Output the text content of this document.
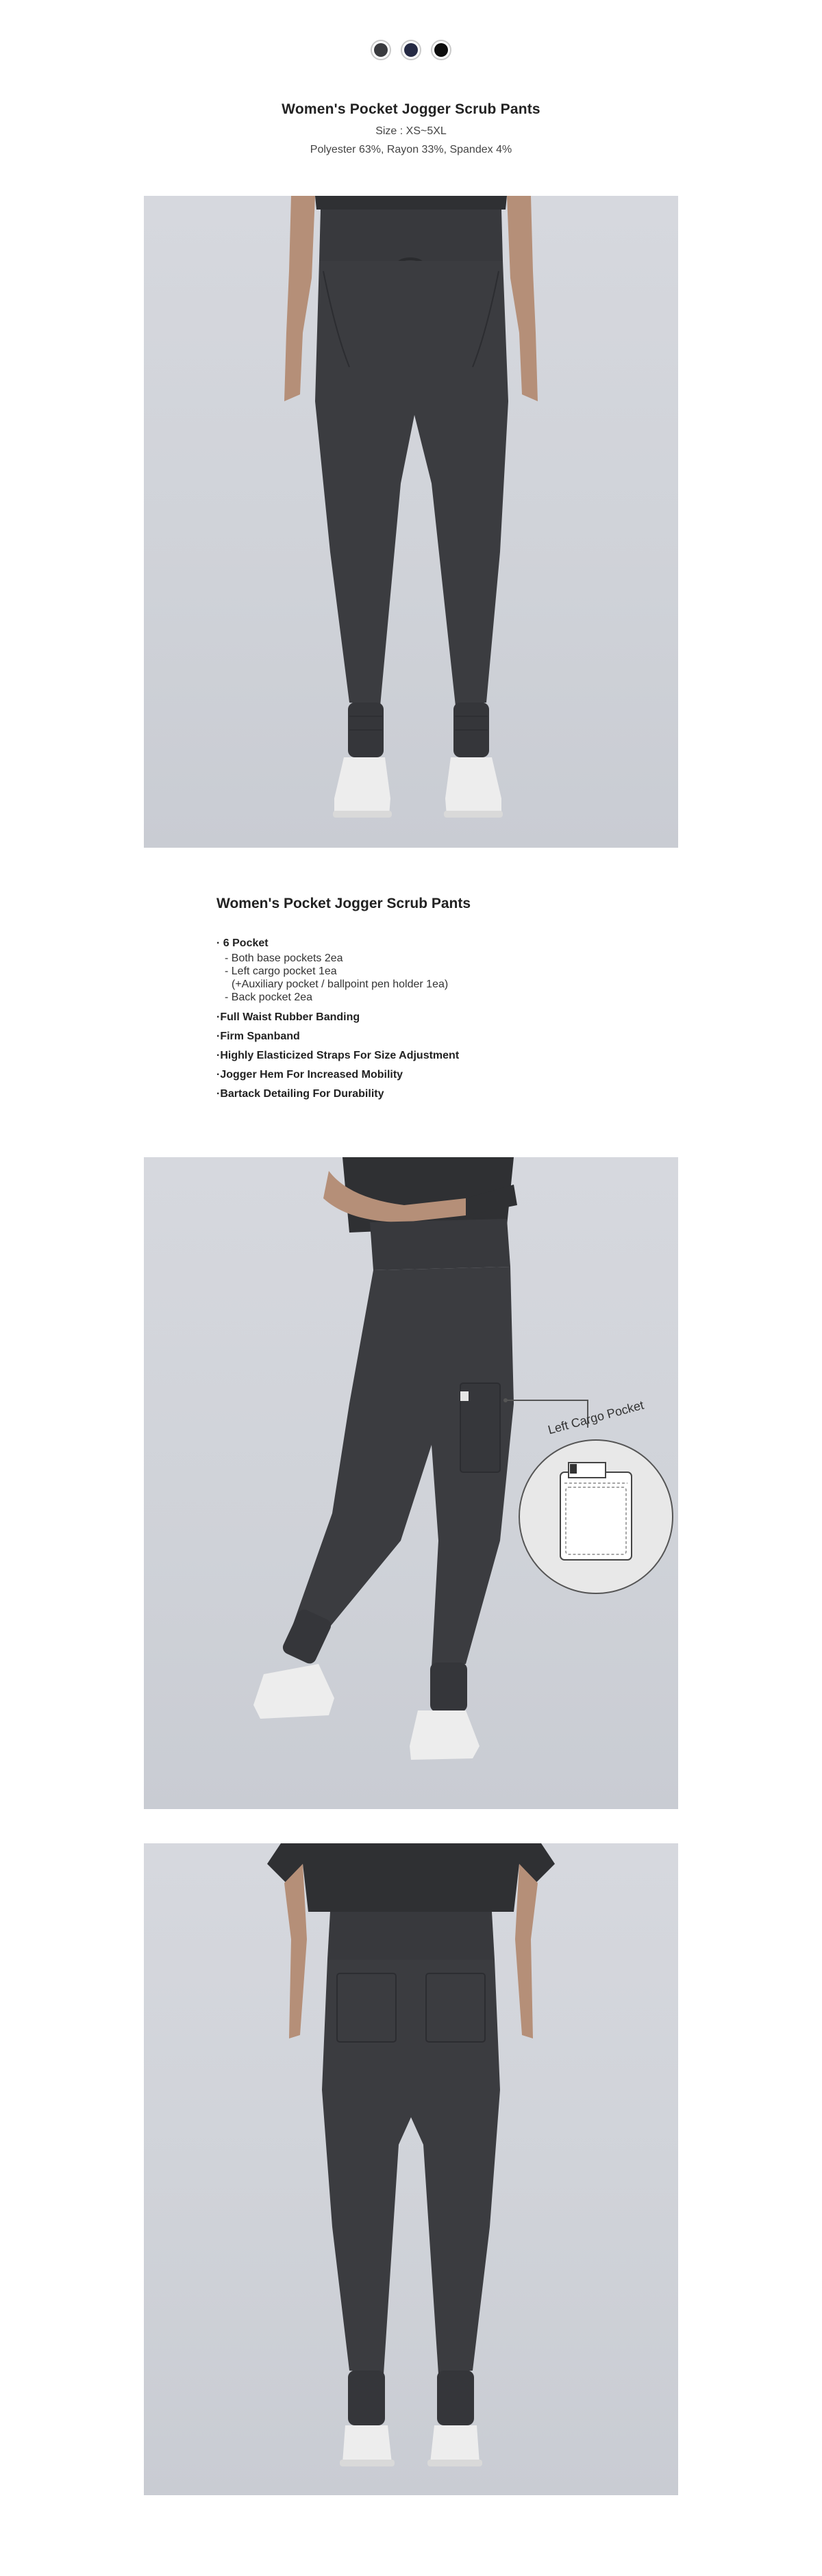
Women's Pocket Jogger Scrub Pants
Size : XS~5XL
Polyester 63%, Rayon 33%, Spandex 4%
Women's Pocket Jogger Scrub Pants
· 6 Pocket
- Both base pockets 2ea
- Left cargo pocket 1ea
(+Auxiliary pocket / ballpoint pen holder 1ea)
- Back pocket 2ea
· Full Waist Rubber Banding
· Firm Spanband
· Highly Elasticized Straps For Size Adjustment
· Jogger Hem For Increased Mobility
· Bartack Detailing For Durability
Left Cargo Pocket
